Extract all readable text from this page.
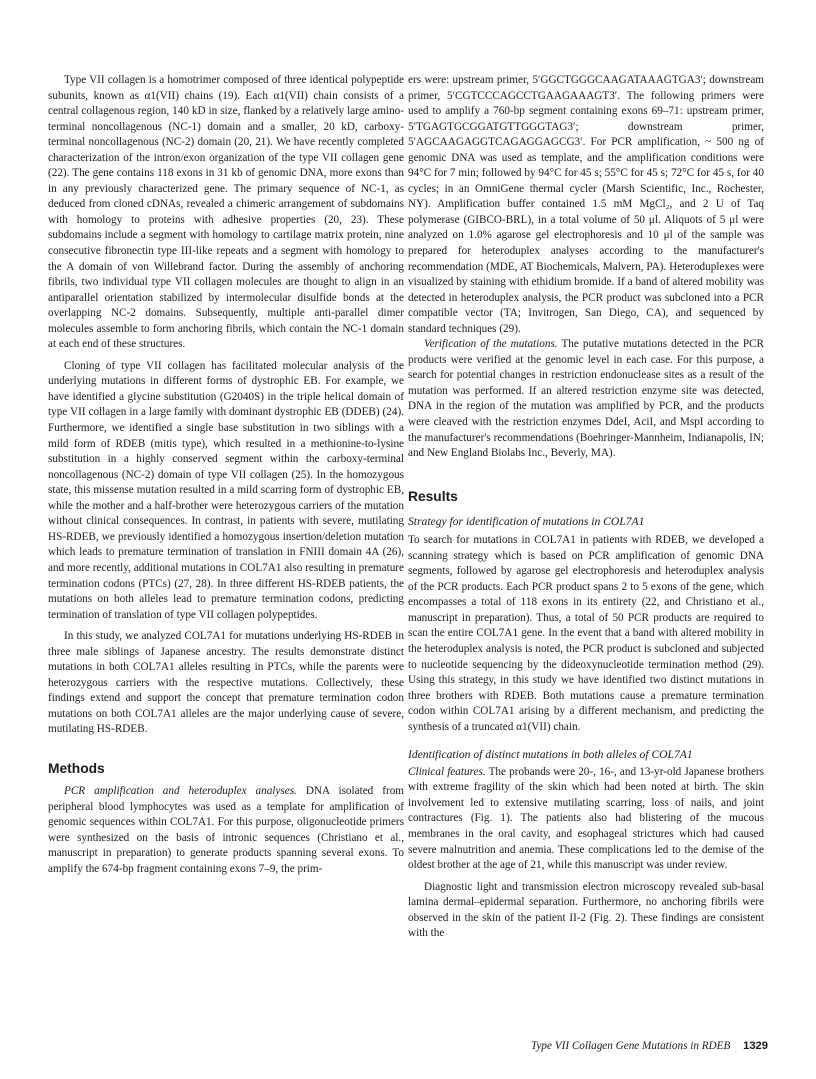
Type VII collagen is a homotrimer composed of three identical polypeptide subunits, known as α1(VII) chains (19). Each α1(VII) chain consists of a central collagenous region, 140 kD in size, flanked by a relatively large amino-terminal noncollagenous (NC-1) domain and a smaller, 20 kD, carboxy-terminal noncollagenous (NC-2) domain (20, 21). We have recently completed characterization of the intron/exon organization of the type VII collagen gene (22). The gene contains 118 exons in 31 kb of genomic DNA, more exons than in any previously characterized gene. The primary sequence of NC-1, as deduced from cloned cDNAs, revealed a chimeric arrangement of subdomains with homology to proteins with adhesive properties (20, 23). These subdomains include a segment with homology to cartilage matrix protein, nine consecutive fibronectin type III-like repeats and a segment with homology to the A domain of von Willebrand factor. During the assembly of anchoring fibrils, two individual type VII collagen molecules are thought to align in an antiparallel orientation stabilized by intermolecular disulfide bonds at the overlapping NC-2 domains. Subsequently, multiple anti-parallel dimer molecules assemble to form anchoring fibrils, which contain the NC-1 domain at each end of these structures.

Cloning of type VII collagen has facilitated molecular analysis of the underlying mutations in different forms of dystrophic EB. For example, we have identified a glycine substitution (G2040S) in the triple helical domain of type VII collagen in a large family with dominant dystrophic EB (DDEB) (24). Furthermore, we identified a single base substitution in two siblings with a mild form of RDEB (mitis type), which resulted in a methionine-to-lysine substitution in a highly conserved segment within the carboxy-terminal noncollagenous (NC-2) domain of type VII collagen (25). In the homozygous state, this missense mutation resulted in a mild scarring form of dystrophic EB, while the mother and a half-brother were heterozygous carriers of the mutation without clinical consequences. In contrast, in patients with severe, mutilating HS-RDEB, we previously identified a homozygous insertion/deletion mutation which leads to premature termination of translation in FNIII domain 4A (26), and more recently, additional mutations in COL7A1 also resulting in premature termination codons (PTCs) (27, 28). In three different HS-RDEB patients, the mutations on both alleles lead to premature termination codons, predicting termination of translation of type VII collagen polypeptides.

In this study, we analyzed COL7A1 for mutations underlying HS-RDEB in three male siblings of Japanese ancestry. The results demonstrate distinct mutations in both COL7A1 alleles resulting in PTCs, while the parents were heterozygous carriers with the respective mutations. Collectively, these findings extend and support the concept that premature termination codon mutations on both COL7A1 alleles are the major underlying cause of severe, mutilating HS-RDEB.

Methods

PCR amplification and heteroduplex analyses. DNA isolated from peripheral blood lymphocytes was used as a template for amplification of genomic sequences within COL7A1. For this purpose, oligonucleotide primers were synthesized on the basis of intronic sequences (Christiano et al., manuscript in preparation) to generate products spanning several exons. To amplify the 674-bp fragment containing exons 7–9, the prim-

ers were: upstream primer, 5′GGCTGGGCAAGATAAAGTGA3′; downstream primer, 5′CGTCCCAGCCTGAAGAAAGT3′. The following primers were used to amplify a 760-bp segment containing exons 69–71: upstream primer, 5′TGAGTGCGGATGTTGGGTAG3′; downstream primer, 5′AGCAAGAGGTCAGAGGAGCG3′. For PCR amplification, ~ 500 ng of genomic DNA was used as template, and the amplification conditions were 94°C for 7 min; followed by 94°C for 45 s; 55°C for 45 s; 72°C for 45 s, for 40 cycles; in an OmniGene thermal cycler (Marsh Scientific, Inc., Rochester, NY). Amplification buffer contained 1.5 mM MgCl₂, and 2 U of Taq polymerase (GIBCO-BRL), in a total volume of 50 μl. Aliquots of 5 μl were analyzed on 1.0% agarose gel electrophoresis and 10 μl of the sample was prepared for heteroduplex analyses according to the manufacturer's recommendation (MDE, AT Biochemicals, Malvern, PA). Heteroduplexes were visualized by staining with ethidium bromide. If a band of altered mobility was detected in heteroduplex analysis, the PCR product was subcloned into a PCR compatible vector (TA; Invitrogen, San Diego, CA), and sequenced by standard techniques (29).

Verification of the mutations. The putative mutations detected in the PCR products were verified at the genomic level in each case. For this purpose, a search for potential changes in restriction endonuclease sites as a result of the mutation was performed. If an altered restriction enzyme site was detected, DNA in the region of the mutation was amplified by PCR, and the products were cleaved with the restriction enzymes DdeI, AciI, and MspI according to the manufacturer's recommendations (Boehringer-Mannheim, Indianapolis, IN; and New England Biolabs Inc., Beverly, MA).

Results
Strategy for identification of mutations in COL7A1

To search for mutations in COL7A1 in patients with RDEB, we developed a scanning strategy which is based on PCR amplification of genomic DNA segments, followed by agarose gel electrophoresis and heteroduplex analysis of the PCR products. Each PCR product spans 2 to 5 exons of the gene, which encompasses a total of 118 exons in its entirety (22, and Christiano et al., manuscript in preparation). Thus, a total of 50 PCR products are required to scan the entire COL7A1 gene. In the event that a band with altered mobility in the heteroduplex analysis is noted, the PCR product is subcloned and subjected to nucleotide sequencing by the dideoxynucleotide termination method (29). Using this strategy, in this study we have identified two distinct mutations in three brothers with RDEB. Both mutations cause a premature termination codon within COL7A1 arising by a different mechanism, and predicting the synthesis of a truncated α1(VII) chain.

Identification of distinct mutations in both alleles of COL7A1

Clinical features. The probands were 20-, 16-, and 13-yr-old Japanese brothers with extreme fragility of the skin which had been noted at birth. The skin involvement led to extensive mutilating scarring, loss of nails, and joint contractures (Fig. 1). The patients also had blistering of the mucous membranes in the oral cavity, and esophageal strictures which had caused severe malnutrition and anemia. These complications led to the demise of the oldest brother at the age of 21, while this manuscript was under review.

Diagnostic light and transmission electron microscopy revealed sub-basal lamina dermal–epidermal separation. Furthermore, no anchoring fibrils were observed in the skin of the patient II-2 (Fig. 2). These findings are consistent with the

Type VII Collagen Gene Mutations in RDEB 1329
